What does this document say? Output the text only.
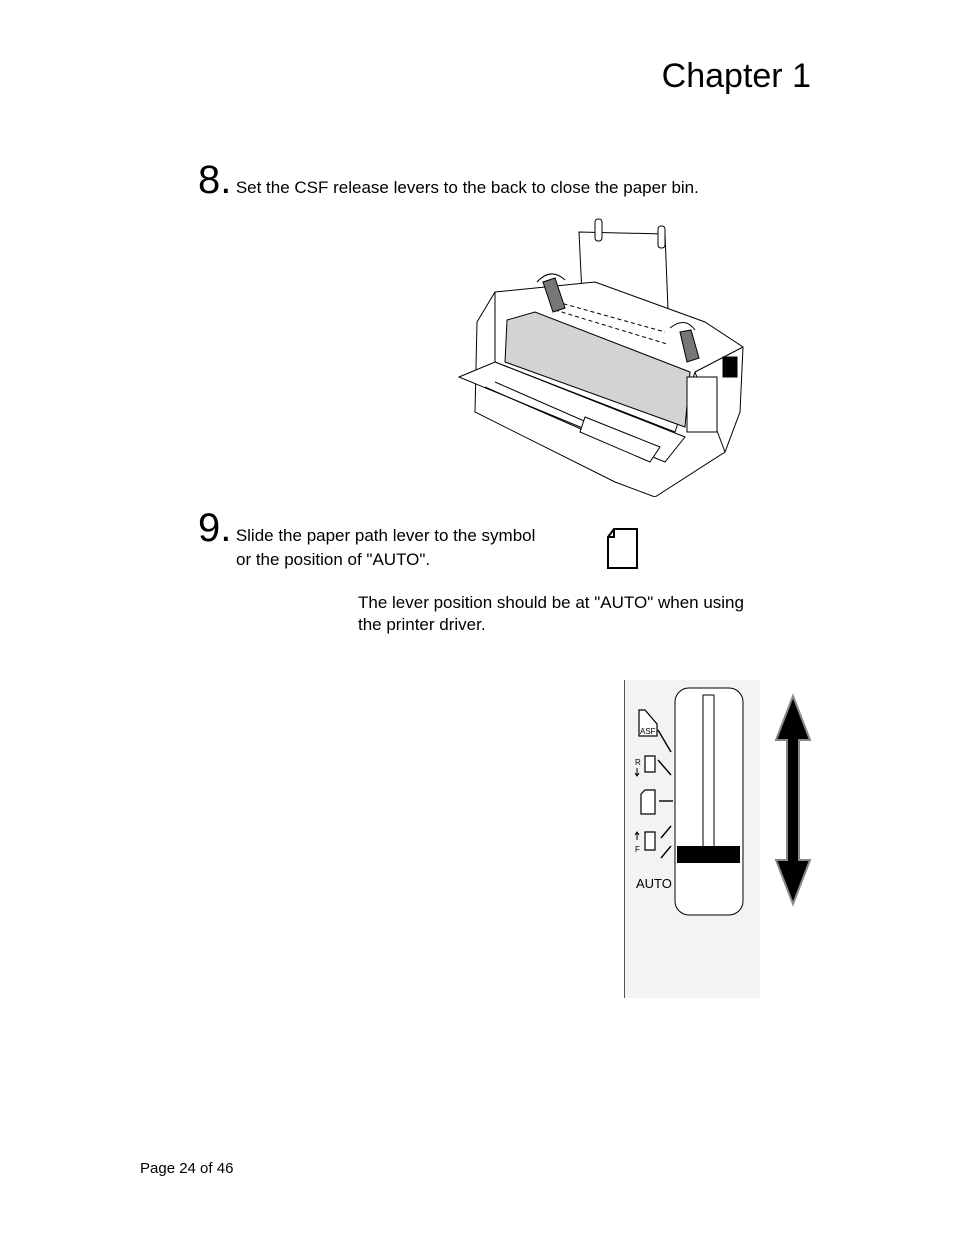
Chapter 1
8. Set the CSF release levers to the back to close the paper bin.
9. Slide the paper path lever to the symbol
or the position of "AUTO".
The lever position should be at "AUTO" when using
the printer driver.
ASF
R
F
AUTO
Page 24 of 46
